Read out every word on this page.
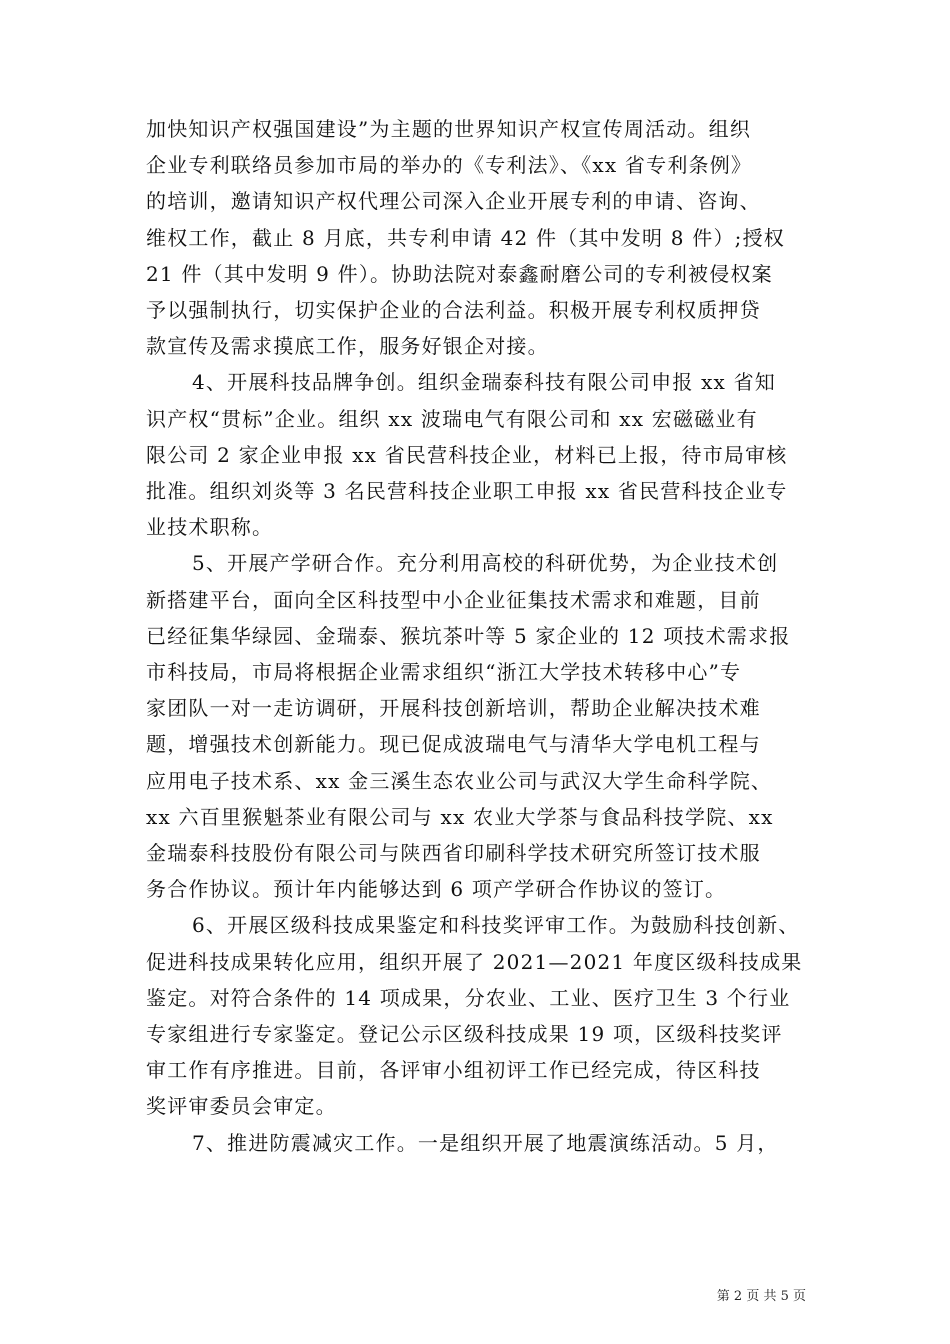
加快知识产权强国建设”为主题的世界知识产权宣传周活动。组织
企业专利联络员参加市局的举办的《专利法》、《xx 省专利条例》
的培训，邀请知识产权代理公司深入企业开展专利的申请、咨询、
维权工作，截止 8 月底，共专利申请 42 件（其中发明 8 件）;授权
21 件（其中发明 9 件）。协助法院对泰鑫耐磨公司的专利被侵权案
予以强制执行，切实保护企业的合法利益。积极开展专利权质押贷
款宣传及需求摸底工作，服务好银企对接。
4、开展科技品牌争创。组织金瑞泰科技有限公司申报 xx 省知
识产权“贯标”企业。组织 xx 波瑞电气有限公司和 xx 宏磁磁业有
限公司 2 家企业申报 xx 省民营科技企业，材料已上报，待市局审核
批准。组织刘炎等 3 名民营科技企业职工申报 xx 省民营科技企业专
业技术职称。
5、开展产学研合作。充分利用高校的科研优势，为企业技术创
新搭建平台，面向全区科技型中小企业征集技术需求和难题，目前
已经征集华绿园、金瑞泰、猴坑茶叶等 5 家企业的 12 项技术需求报
市科技局，市局将根据企业需求组织“浙江大学技术转移中心”专
家团队一对一走访调研，开展科技创新培训，帮助企业解决技术难
题，增强技术创新能力。现已促成波瑞电气与清华大学电机工程与
应用电子技术系、xx 金三溪生态农业公司与武汉大学生命科学院、
xx 六百里猴魁茶业有限公司与 xx 农业大学茶与食品科技学院、xx
金瑞泰科技股份有限公司与陕西省印刷科学技术研究所签订技术服
务合作协议。预计年内能够达到 6 项产学研合作协议的签订。
6、开展区级科技成果鉴定和科技奖评审工作。为鼓励科技创新、
促进科技成果转化应用，组织开展了 2021—2021 年度区级科技成果
鉴定。对符合条件的 14 项成果，分农业、工业、医疗卫生 3 个行业
专家组进行专家鉴定。登记公示区级科技成果 19 项，区级科技奖评
审工作有序推进。目前，各评审小组初评工作已经完成，待区科技
奖评审委员会审定。
7、推进防震减灾工作。一是组织开展了地震演练活动。5 月，
第 2 页 共 5 页
